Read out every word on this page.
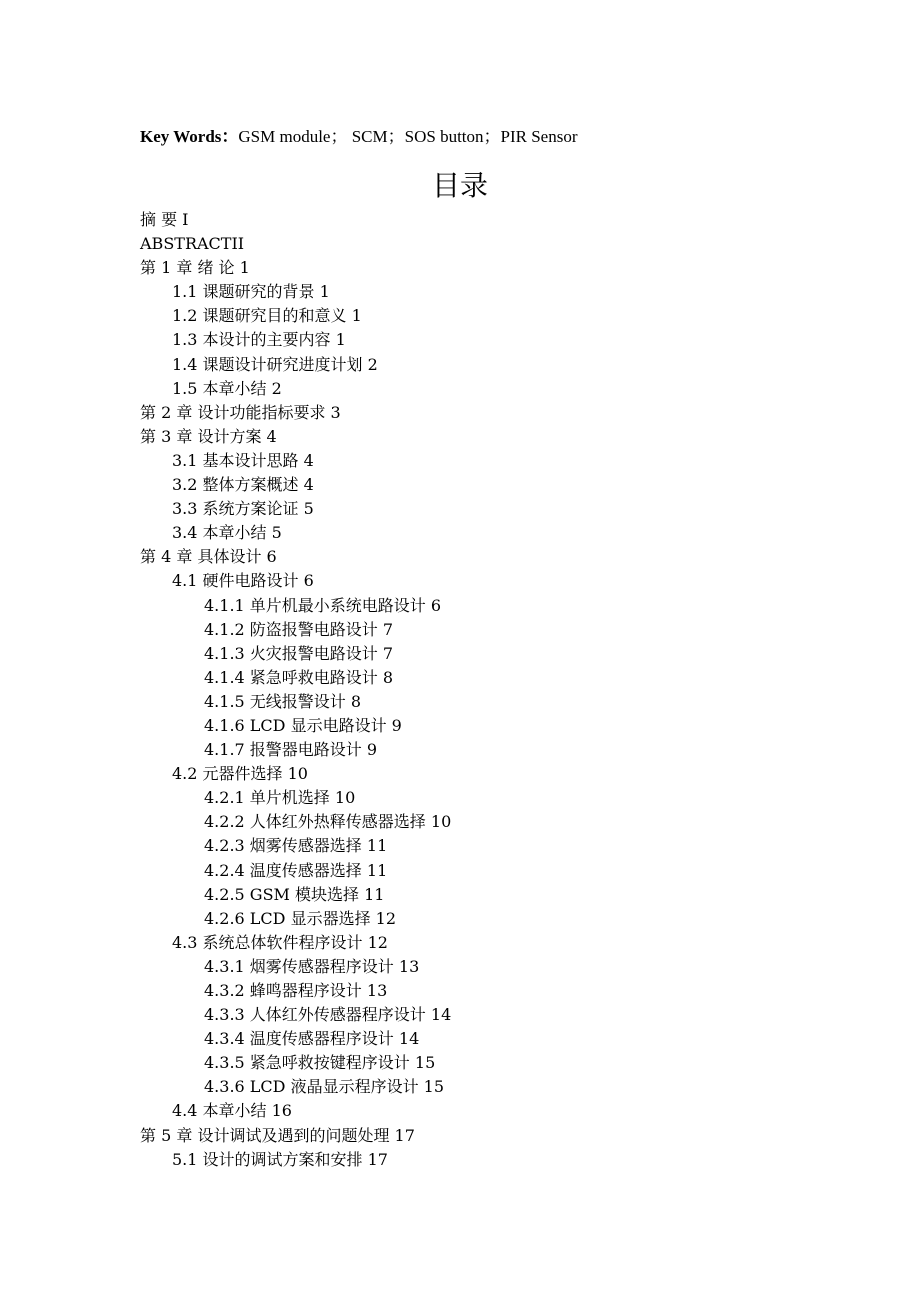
Key Words：GSM module； SCM；SOS button；PIR Sensor
目录
摘 要 I
ABSTRACTII
第 1 章 绪 论 1
1.1 课题研究的背景 1
1.2 课题研究目的和意义 1
1.3 本设计的主要内容 1
1.4 课题设计研究进度计划 2
1.5 本章小结 2
第 2 章 设计功能指标要求 3
第 3 章 设计方案 4
3.1 基本设计思路 4
3.2 整体方案概述 4
3.3 系统方案论证 5
3.4 本章小结 5
第 4 章 具体设计 6
4.1 硬件电路设计 6
4.1.1 单片机最小系统电路设计 6
4.1.2 防盗报警电路设计 7
4.1.3 火灾报警电路设计 7
4.1.4 紧急呼救电路设计 8
4.1.5 无线报警设计 8
4.1.6 LCD 显示电路设计 9
4.1.7 报警器电路设计 9
4.2 元器件选择 10
4.2.1 单片机选择 10
4.2.2 人体红外热释传感器选择 10
4.2.3 烟雾传感器选择 11
4.2.4 温度传感器选择 11
4.2.5 GSM 模块选择 11
4.2.6 LCD 显示器选择 12
4.3 系统总体软件程序设计 12
4.3.1 烟雾传感器程序设计 13
4.3.2 蜂鸣器程序设计 13
4.3.3 人体红外传感器程序设计 14
4.3.4 温度传感器程序设计 14
4.3.5 紧急呼救按键程序设计 15
4.3.6 LCD 液晶显示程序设计 15
4.4 本章小结 16
第 5 章 设计调试及遇到的问题处理 17
5.1 设计的调试方案和安排 17
